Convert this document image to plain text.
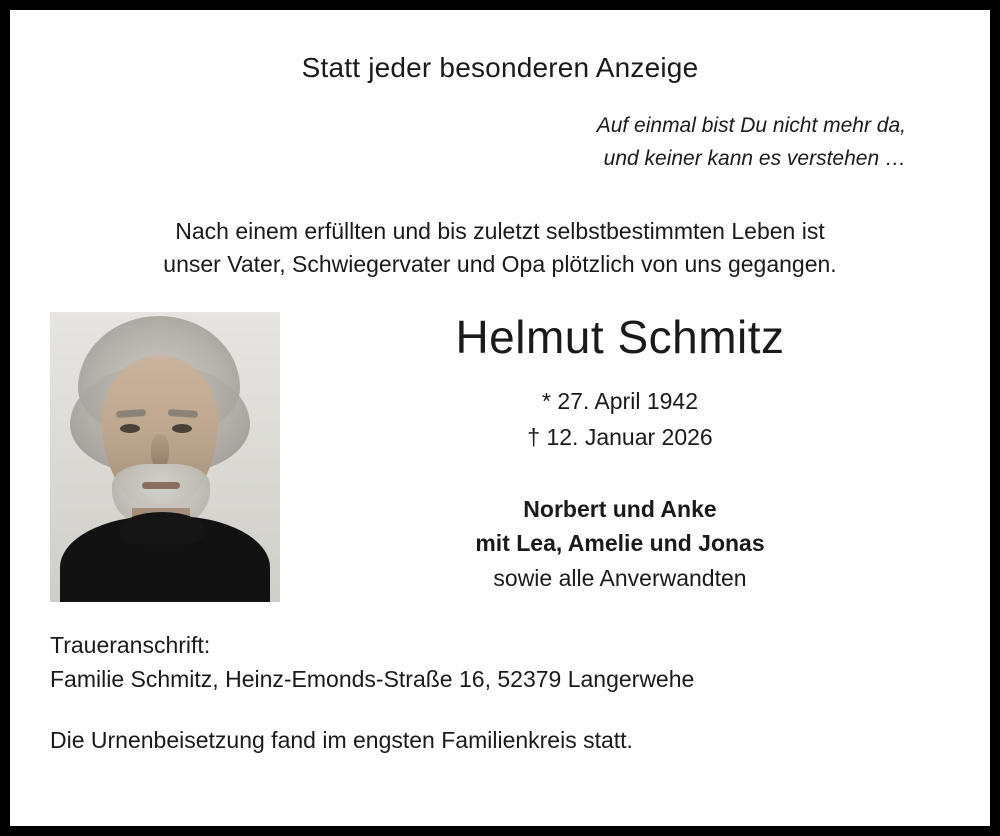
Statt jeder besonderen Anzeige
Auf einmal bist Du nicht mehr da,
und keiner kann es verstehen …
Nach einem erfüllten und bis zuletzt selbstbestimmten Leben ist
unser Vater, Schwiegervater und Opa plötzlich von uns gegangen.
Helmut Schmitz
* 27. April 1942
† 12. Januar 2026
Norbert und Anke
mit Lea, Amelie und Jonas
sowie alle Anverwandten
Traueranschrift:
Familie Schmitz, Heinz-Emonds-Straße 16, 52379 Langerwehe
Die Urnenbeisetzung fand im engsten Familienkreis statt.
